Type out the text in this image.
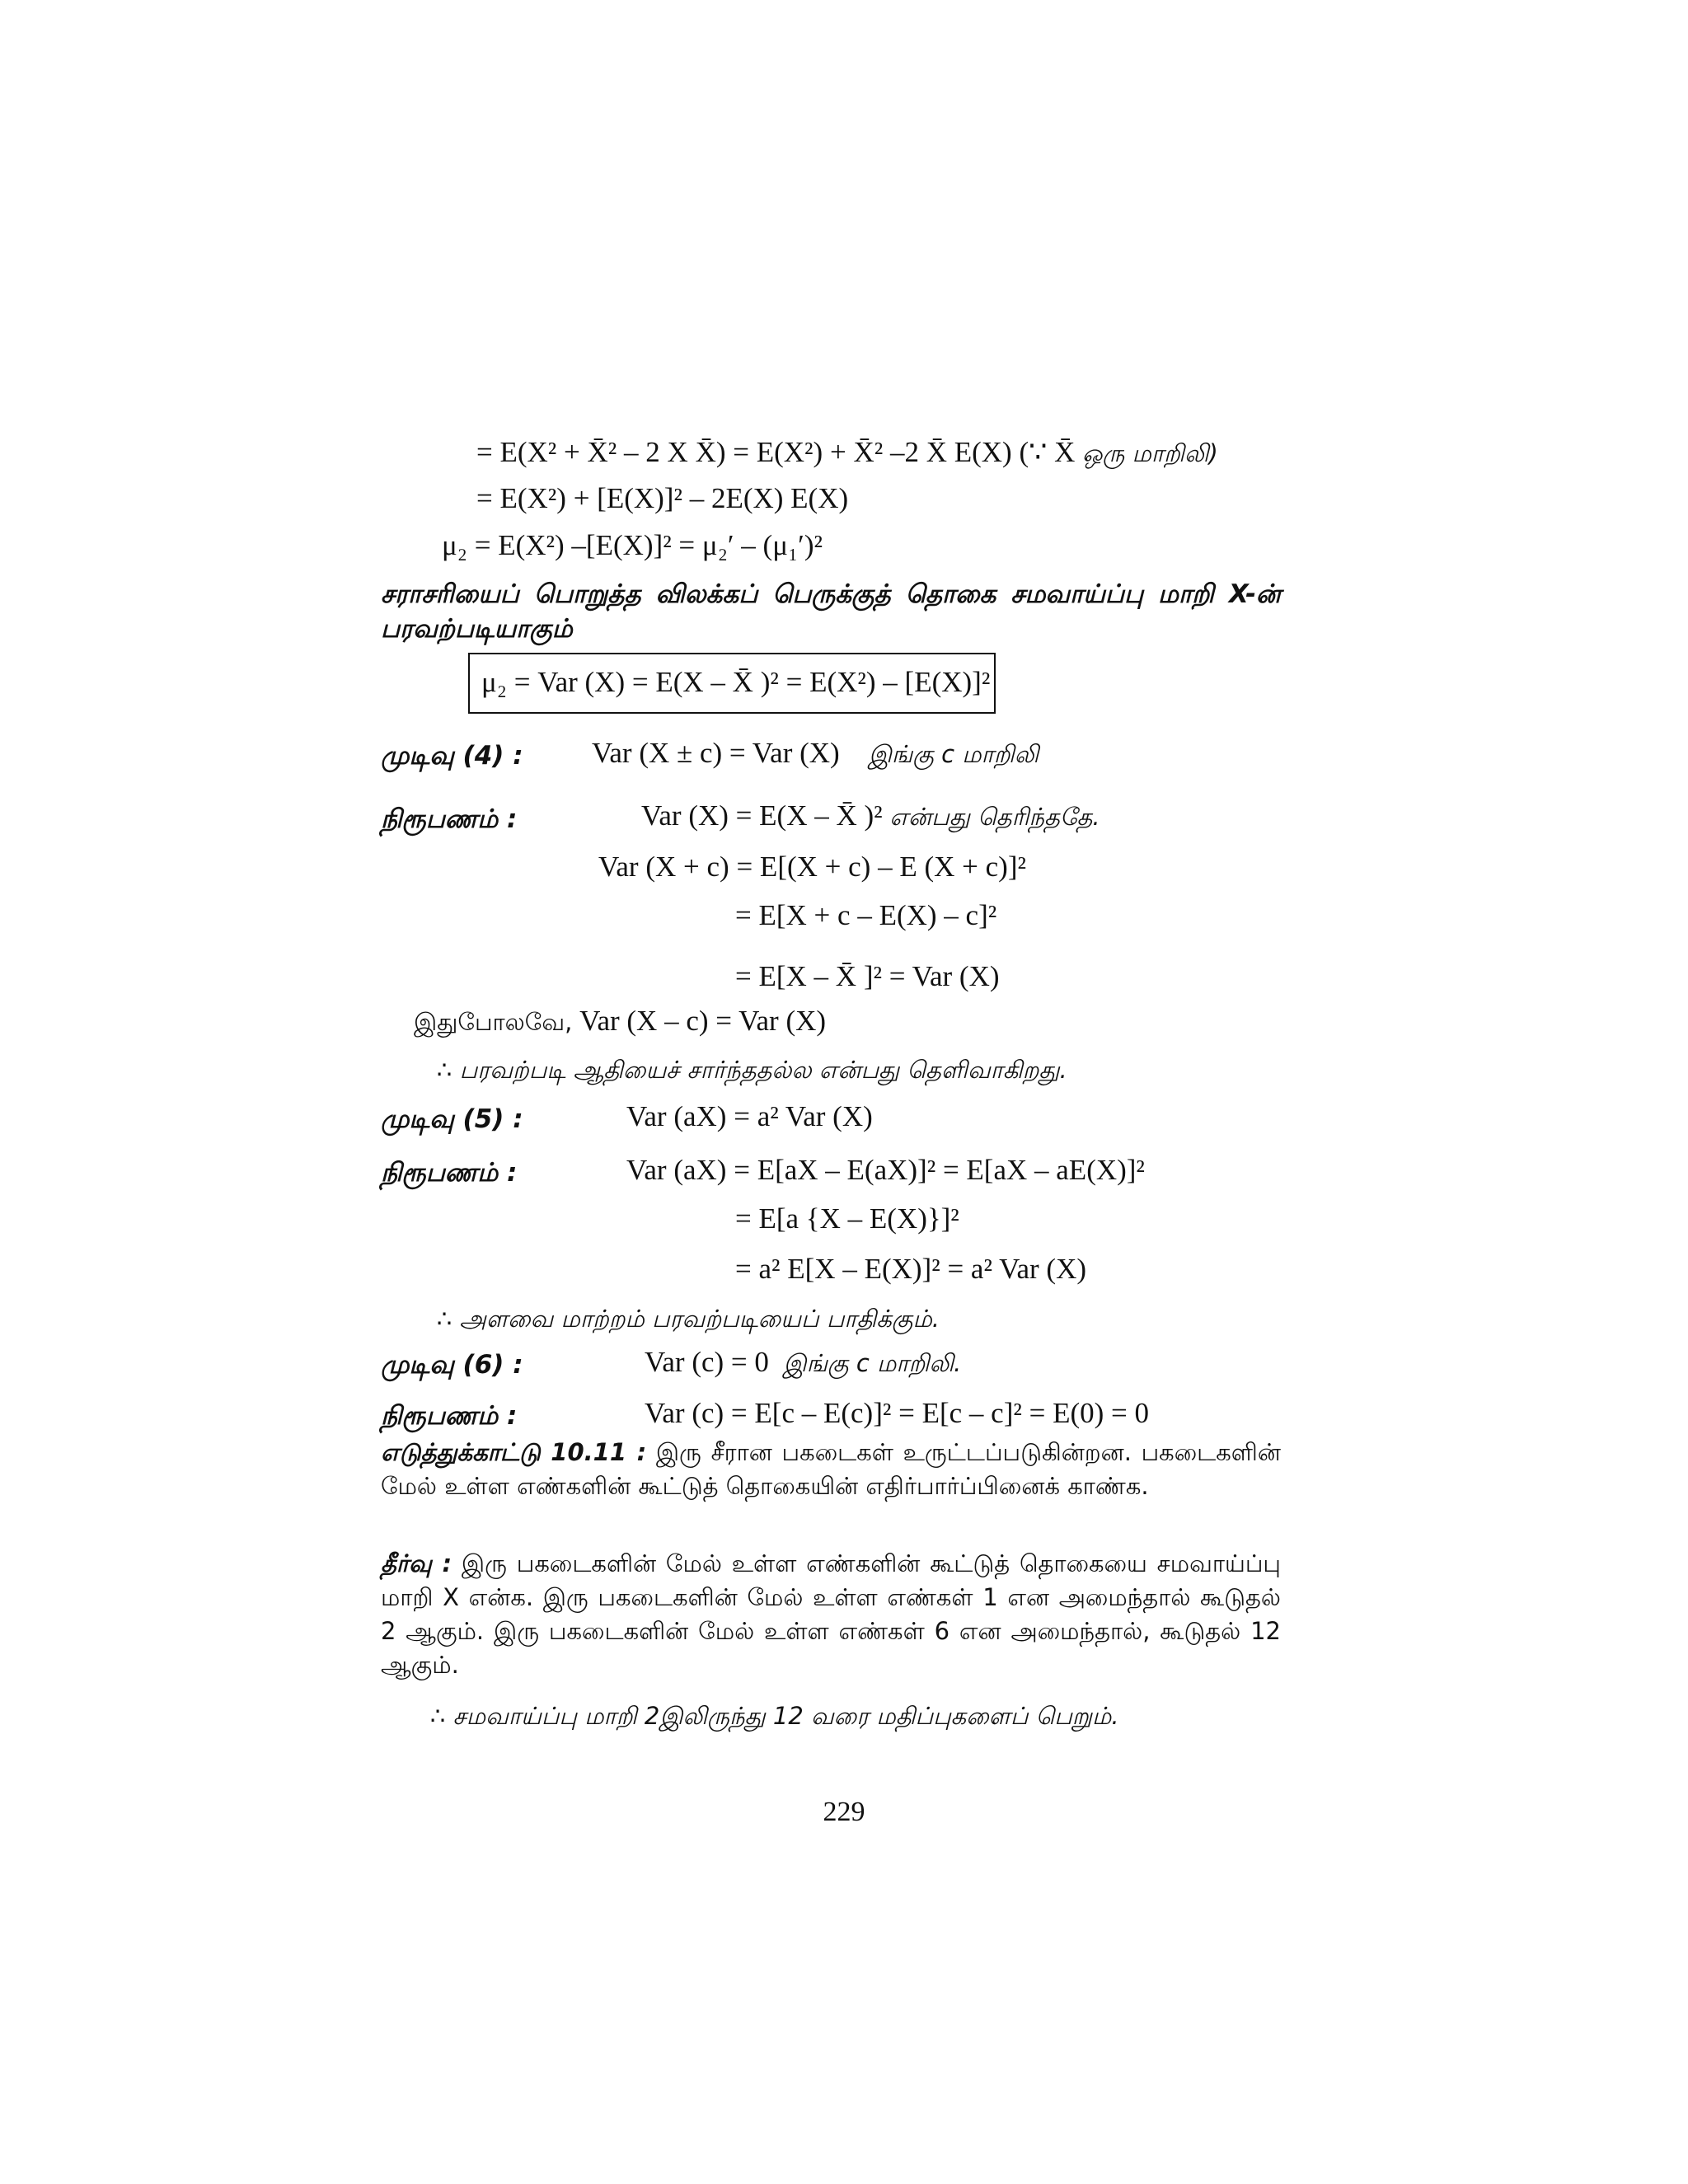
= E(X² + X̄² – 2 X X̄) = E(X²) + X̄² –2 X̄ E(X) (∵ X̄ ஒரு மாறிலி)
= E(X²) + [E(X)]² – 2E(X) E(X)
μ₂ = E(X²) –[E(X)]² = μ₂′ – (μ₁′)²
சராசரியைப் பொறுத்த விலக்கப் பெருக்குத் தொகை சமவாய்ப்பு மாறி X-ன் பரவற்படியாகும்
μ₂ = Var (X) = E(X – X̄ )² = E(X²) – [E(X)]²
முடிவு (4) : Var (X ± c) = Var (X) இங்கு c மாறிலி
நிரூபணம் :	Var (X) = E(X – X̄ )² என்பது தெரிந்ததே.
Var (X + c) = E[(X + c) – E (X + c)]²
= E[X + c – E(X) – c]²
= E[X – X̄ ]² = Var (X)
இதுபோலவே, Var (X – c) = Var (X)
∴ பரவற்படி ஆதியைச் சார்ந்ததல்ல என்பது தெளிவாகிறது.
முடிவு (5) :	Var (aX) = a² Var (X)
நிரூபணம் :	Var (aX) = E[aX – E(aX)]² = E[aX – aE(X)]²
= E[a {X – E(X)}]²
= a² E[X – E(X)]² = a² Var (X)
∴ அளவை மாற்றம் பரவற்படியைப் பாதிக்கும்.
முடிவு (6) :	Var (c) = 0 இங்கு c மாறிலி.
நிரூபணம் :	Var (c) = E[c – E(c)]² = E[c – c]² = E(0) = 0
எடுத்துக்காட்டு 10.11 : இரு சீரான பகடைகள் உருட்டப்படுகின்றன. பகடைகளின் மேல் உள்ள எண்களின் கூட்டுத் தொகையின் எதிர்பார்ப்பினைக் காண்க.
தீர்வு : இரு பகடைகளின் மேல் உள்ள எண்களின் கூட்டுத் தொகையை சமவாய்ப்பு மாறி X என்க. இரு பகடைகளின் மேல் உள்ள எண்கள் 1 என அமைந்தால் கூடுதல் 2 ஆகும். இரு பகடைகளின் மேல் உள்ள எண்கள் 6 என அமைந்தால், கூடுதல் 12 ஆகும்.
∴ சமவாய்ப்பு மாறி 2இலிருந்து 12 வரை மதிப்புகளைப் பெறும்.
229
